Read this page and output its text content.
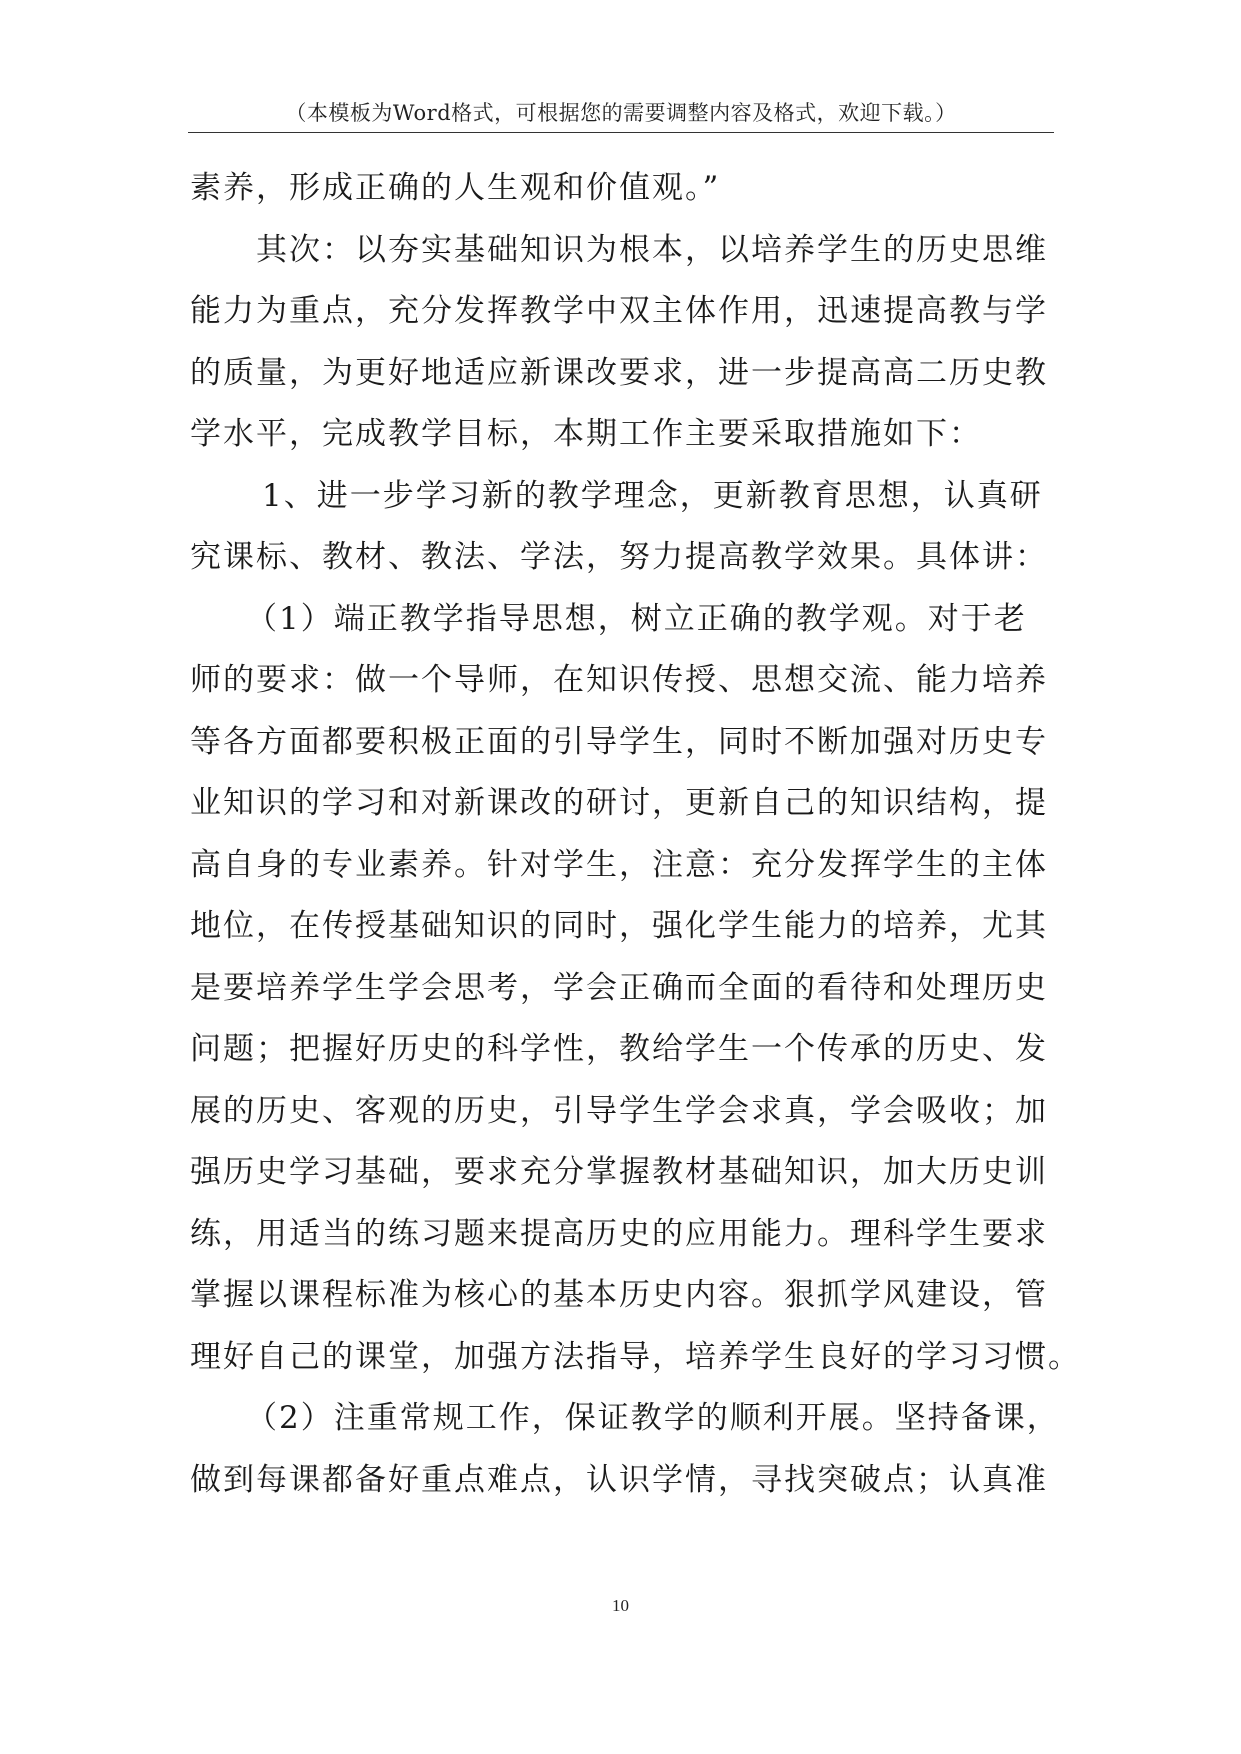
（本模板为Word格式，可根据您的需要调整内容及格式，欢迎下载。）
素养，形成正确的人生观和价值观。”
其次：以夯实基础知识为根本，以培养学生的历史思维
能力为重点，充分发挥教学中双主体作用，迅速提高教与学
的质量，为更好地适应新课改要求，进一步提高高二历史教
学水平，完成教学目标，本期工作主要采取措施如下：
1、进一步学习新的教学理念，更新教育思想，认真研
究课标、教材、教法、学法，努力提高教学效果。具体讲：
（1）端正教学指导思想，树立正确的教学观。对于老
师的要求：做一个导师，在知识传授、思想交流、能力培养
等各方面都要积极正面的引导学生，同时不断加强对历史专
业知识的学习和对新课改的研讨，更新自己的知识结构，提
高自身的专业素养。针对学生，注意：充分发挥学生的主体
地位，在传授基础知识的同时，强化学生能力的培养，尤其
是要培养学生学会思考，学会正确而全面的看待和处理历史
问题；把握好历史的科学性，教给学生一个传承的历史、发
展的历史、客观的历史，引导学生学会求真，学会吸收；加
强历史学习基础，要求充分掌握教材基础知识，加大历史训
练，用适当的练习题来提高历史的应用能力。理科学生要求
掌握以课程标准为核心的基本历史内容。狠抓学风建设，管
理好自己的课堂，加强方法指导，培养学生良好的学习习惯。
（2）注重常规工作，保证教学的顺利开展。坚持备课，
做到每课都备好重点难点，认识学情，寻找突破点；认真准
10
